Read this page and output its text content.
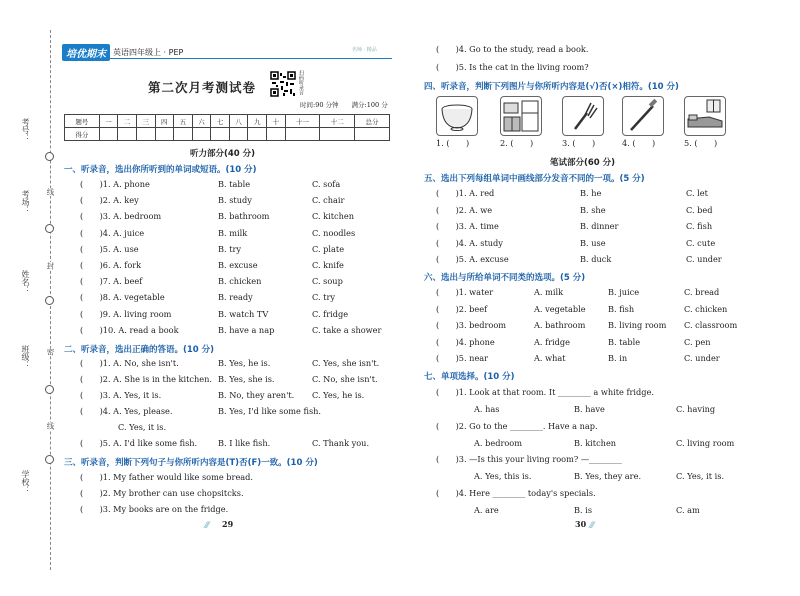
考号：
考场：
姓名：
班级：
学校：
线
封
密
线
培优期末 英语四年级上 · PEP	名师 · 精品
第二次月考测试卷	扫码听录音
时间:90 分钟　　满分:100 分
题号	一	二	三	四	五	六	七	八	九	十	十一	十二	总分
得分													
听力部分(40 分)
一、听录音，选出你所听到的单词或短语。(10 分)
(　　)1. A. phone	B. table	C. sofa
(　　)2. A. key	B. study	C. chair
(　　)3. A. bedroom	B. bathroom	C. kitchen
(　　)4. A. juice	B. milk	C. noodles
(　　)5. A. use	B. try	C. plate
(　　)6. A. fork	B. excuse	C. knife
(　　)7. A. beef	B. chicken	C. soup
(　　)8. A. vegetable	B. ready	C. try
(　　)9. A. living room	B. watch TV	C. fridge
(　　)10. A. read a book	B. have a nap	C. take a shower
二、听录音，选出正确的答语。(10 分)
(　　)1. A. No, she isn't.	B. Yes, he is.	C. Yes, she isn't.
(　　)2. A. She is in the kitchen. B. Yes, she is.	C. No, she isn't.
(　　)3. A. Yes, it is.	B. No, they aren't. C. Yes, he is.
(　　)4. A. Yes, please.	B. Yes, I'd like some fish.
C. Yes, it is.
(　　)5. A. I'd like some fish.	B. I like fish.	C. Thank you.
三、听录音，判断下列句子与你所听内容是(T)否(F)一致。(10 分)
(　　)1. My father would like some bread.
(　　)2. My brother can use chopsitcks.
(　　)3. My books are on the fridge.
⁄⁄⁄ 29
(　　)4. Go to the study, read a book.
(　　)5. Is the cat in the living room?
四、听录音，判断下列图片与你所听内容是(√)否(×)相符。(10 分)
1. (　　)	2. (　　)	3. (　　)	4. (　　)	5. (　　)
笔试部分(60 分)
五、选出下列每组单词中画线部分发音不同的一项。(5 分)
(　　)1. A. red	B. he	C. let
(　　)2. A. we	B. she	C. bed
(　　)3. A. time	B. dinner	C. fish
(　　)4. A. study	B. use	C. cute
(　　)5. A. excuse	B. duck	C. under
六、选出与所给单词不同类的选项。(5 分)
(　　)1. water	A. milk	B. juice	C. bread
(　　)2. beef	A. vegetable	B. fish	C. chicken
(　　)3. bedroom	A. bathroom	B. living room C. classroom
(　　)4. phone	A. fridge	B. table	C. pen
(　　)5. near	A. what	B. in	C. under
七、单项选择。(10 分)
(　　)1. Look at that room. It ________ a white fridge.
A. has	B. have	C. having
(　　)2. Go to the ________. Have a nap.
A. bedroom	B. kitchen	C. living room
(　　)3. —Is this your living room? —________
A. Yes, this is.	B. Yes, they are.	C. Yes, it is.
(　　)4. Here ________ today's specials.
A. are	B. is	C. am
30 ⁄⁄⁄
